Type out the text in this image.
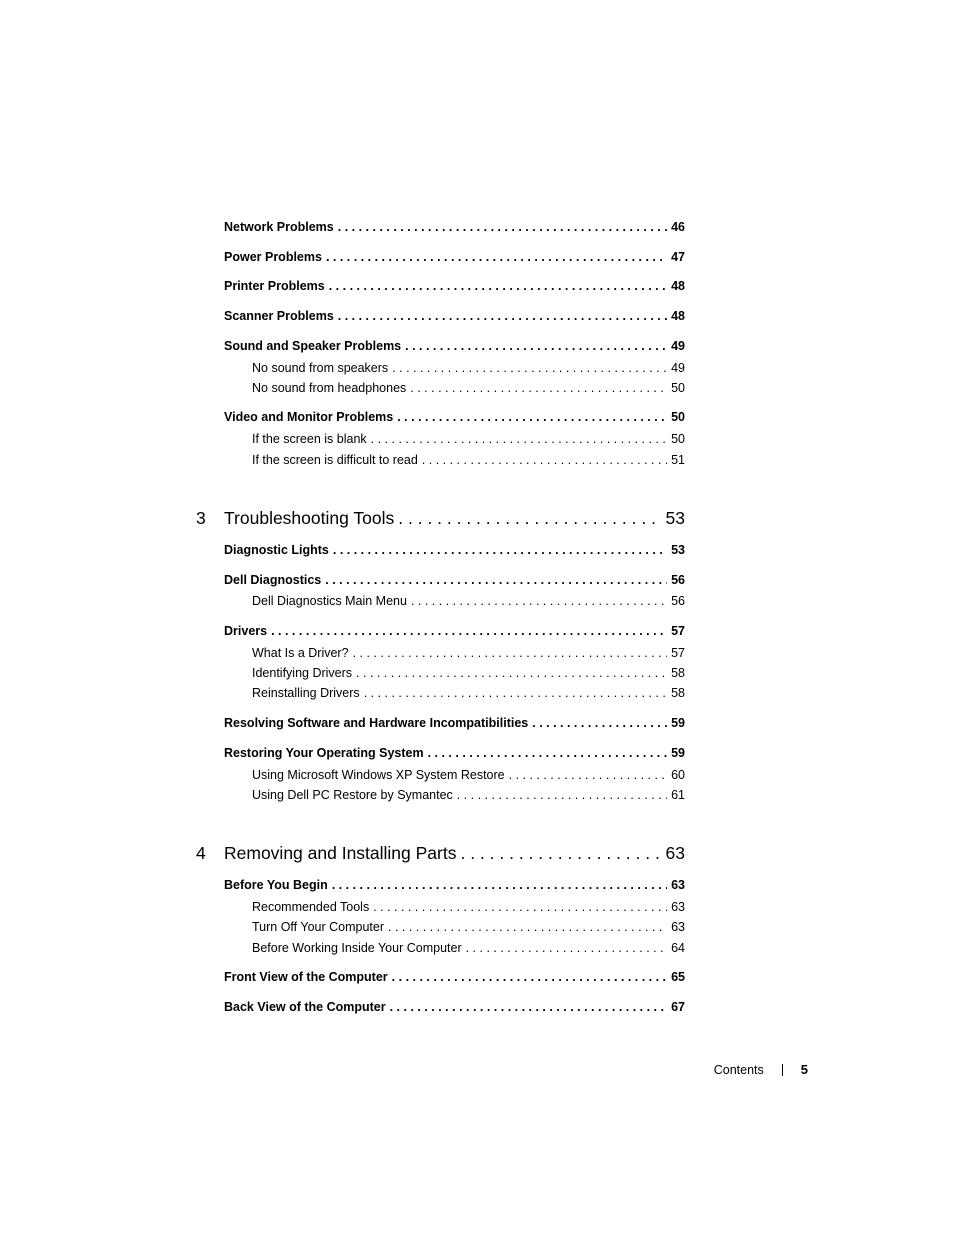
Network Problems . . .	46
Power Problems . . .	47
Printer Problems . . .	48
Scanner Problems . . .	48
Sound and Speaker Problems . . .	49
No sound from speakers . . .	49
No sound from headphones . . .	50
Video and Monitor Problems . . .	50
If the screen is blank . . .	50
If the screen is difficult to read . . .	51
3 Troubleshooting Tools . . .	53
Diagnostic Lights . . .	53
Dell Diagnostics . . .	56
Dell Diagnostics Main Menu . . .	56
Drivers . . .	57
What Is a Driver? . . .	57
Identifying Drivers . . .	58
Reinstalling Drivers . . .	58
Resolving Software and Hardware Incompatibilities . . .	59
Restoring Your Operating System . . .	59
Using Microsoft Windows XP System Restore . . .	60
Using Dell PC Restore by Symantec . . .	61
4 Removing and Installing Parts . . .	63
Before You Begin . . .	63
Recommended Tools . . .	63
Turn Off Your Computer . . .	63
Before Working Inside Your Computer . . .	64
Front View of the Computer . . .	65
Back View of the Computer . . .	67
Contents	5
